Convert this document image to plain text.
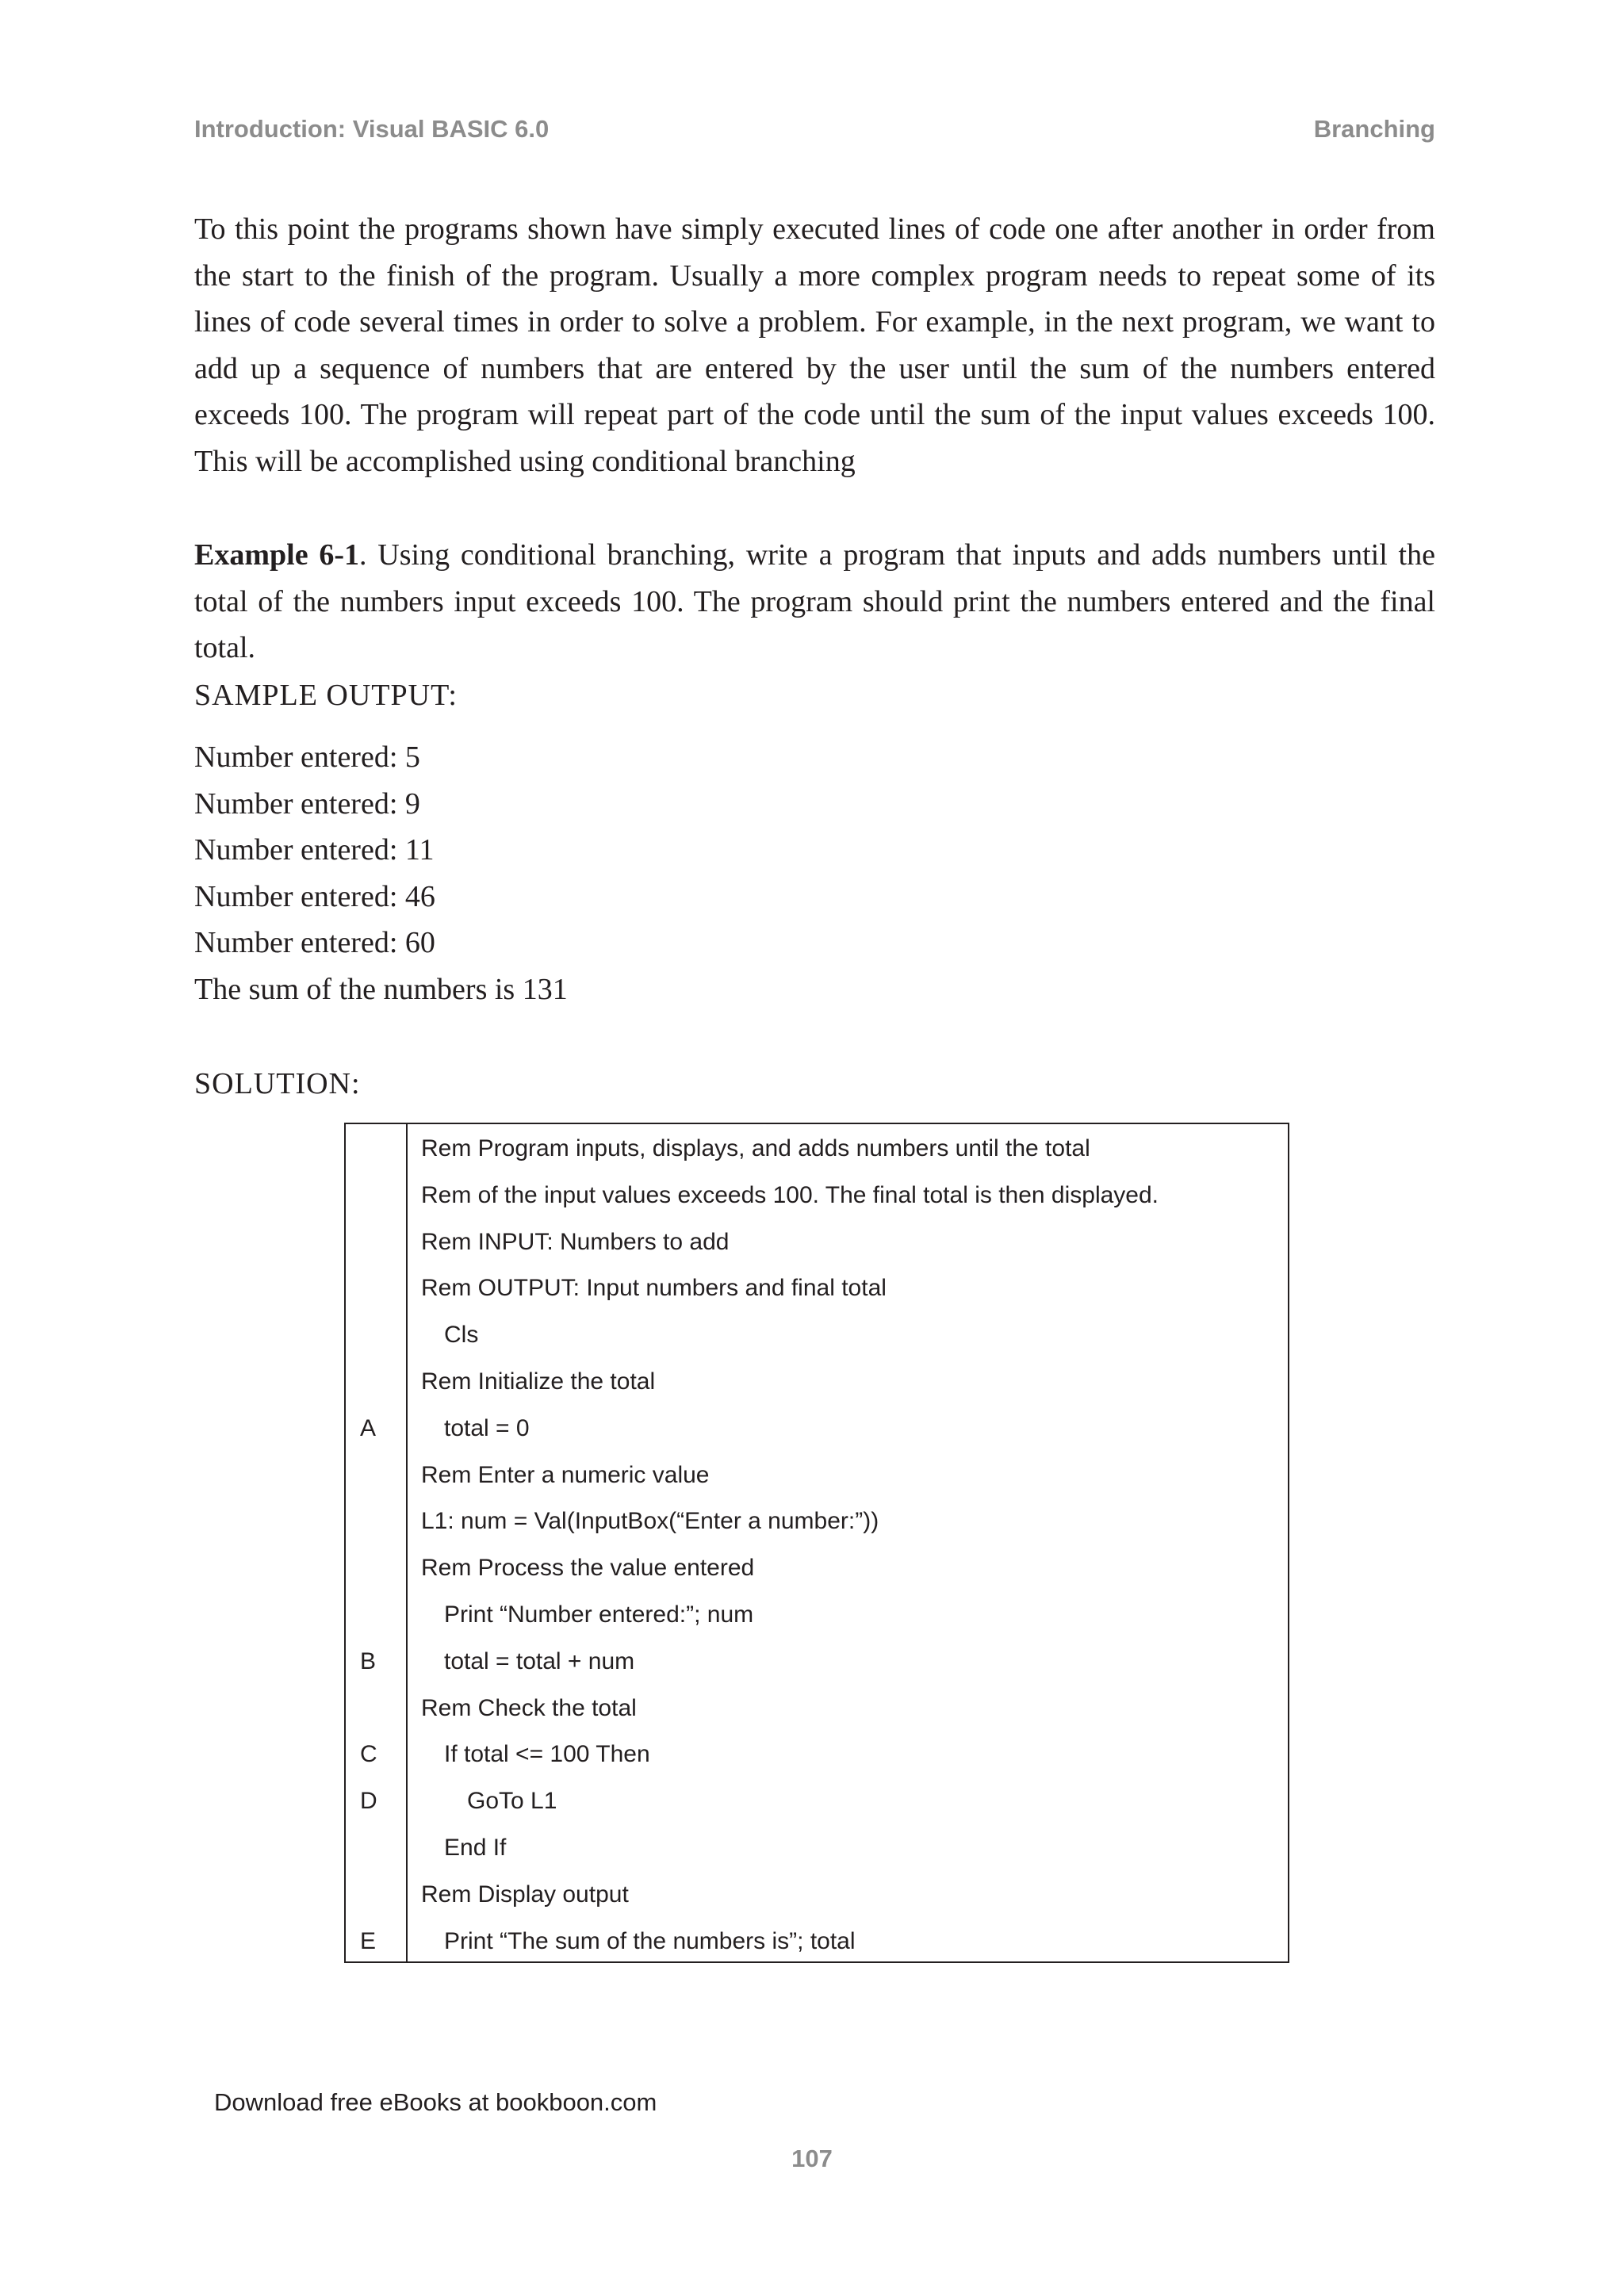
Introduction: Visual BASIC 6.0	Branching
To this point the programs shown have simply executed lines of code one after another in order from the start to the finish of the program. Usually a more complex program needs to repeat some of its lines of code several times in order to solve a problem. For example, in the next program, we want to add up a sequence of numbers that are entered by the user until the sum of the numbers entered exceeds 100. The program will repeat part of the code until the sum of the input values exceeds 100. This will be accomplished using conditional branching
Example 6-1. Using conditional branching, write a program that inputs and adds numbers until the total of the numbers input exceeds 100. The program should print the numbers entered and the final total.
SAMPLE OUTPUT:
Number entered: 5
Number entered: 9
Number entered: 11
Number entered: 46
Number entered: 60
The sum of the numbers is 131
SOLUTION:
Rem Program inputs, displays, and adds numbers until the total
Rem of the input values exceeds 100. The final total is then displayed.
Rem INPUT: Numbers to add
Rem OUTPUT: Input numbers and final total
Cls
Rem Initialize the total
A	total = 0
Rem Enter a numeric value
L1: num = Val(InputBox(“Enter a number:”))
Rem Process the value entered
Print “Number entered:”; num
B	total = total + num
Rem Check the total
C	If total <= 100 Then
D	GoTo L1
End If
Rem Display output
E	Print “The sum of the numbers is”; total
Download free eBooks at bookboon.com
107
